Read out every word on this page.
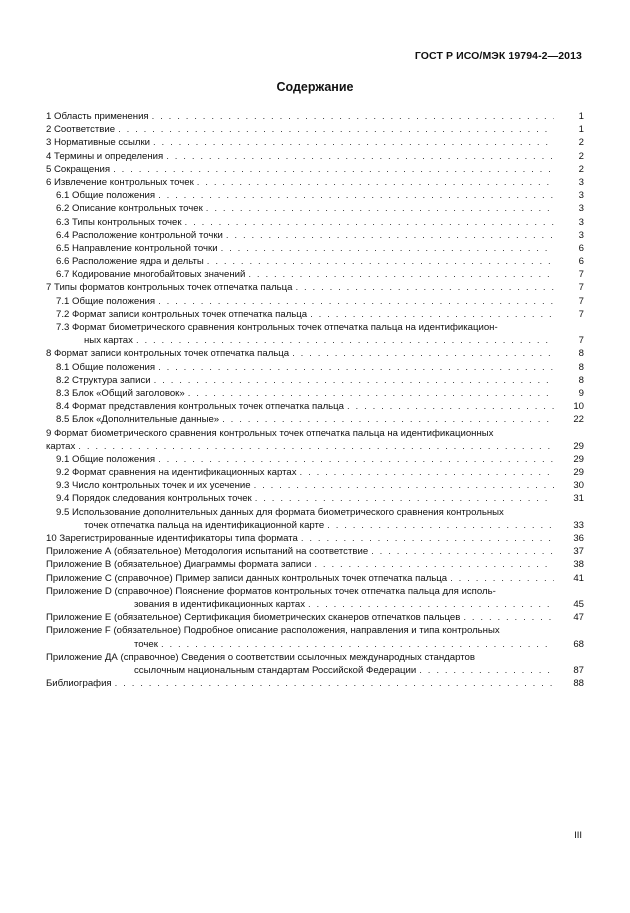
ГОСТ Р ИСО/МЭК 19794-2—2013
Содержание
1 Область применения . . .	1
2 Соответствие . . .	1
3 Нормативные ссылки . . .	2
4 Термины и определения . . .	2
5 Сокращения . . .	2
6 Извлечение контрольных точек . . .	3
6.1 Общие положения . . .	3
6.2 Описание контрольных точек . . .	3
6.3 Типы контрольных точек . . .	3
6.4 Расположение контрольной точки . . .	3
6.5 Направление контрольной точки . . .	6
6.6 Расположение ядра и дельты . . .	6
6.7 Кодирование многобайтовых значений . . .	7
7 Типы форматов контрольных точек отпечатка пальца . . .	7
7.1 Общие положения . . .	7
7.2 Формат записи контрольных точек отпечатка пальца . . .	7
7.3 Формат биометрического сравнения контрольных точек отпечатка пальца на идентификацион-
ных картах . . .	7
8 Формат записи контрольных точек отпечатка пальца . . .	8
8.1 Общие положения . . .	8
8.2 Структура записи . . .	8
8.3 Блок «Общий заголовок» . . .	9
8.4 Формат представления контрольных точек отпечатка пальца . . .	10
8.5 Блок «Дополнительные данные» . . .	22
9 Формат биометрического сравнения контрольных точек отпечатка пальца на идентификационных
картах . . .	29
9.1 Общие положения . . .	29
9.2 Формат сравнения на идентификационных картах . . .	29
9.3 Число контрольных точек и их усечение . . .	30
9.4 Порядок следования контрольных точек . . .	31
9.5 Использование дополнительных данных для формата биометрического сравнения контрольных
точек отпечатка пальца на идентификационной карте . . .	33
10 Зарегистрированные идентификаторы типа формата . . .	36
Приложение А (обязательное) Методология испытаний на соответствие . . .	37
Приложение В (обязательное) Диаграммы формата записи . . .	38
Приложение С (справочное) Пример записи данных контрольных точек отпечатка пальца . . .	41
Приложение D (справочное) Пояснение форматов контрольных точек отпечатка пальца для исполь-
зования в идентификационных картах . . .	45
Приложение Е (обязательное) Сертификация биометрических сканеров отпечатков пальцев . . .	47
Приложение F (обязательное) Подробное описание расположения, направления и типа контрольных
точек . . .	68
Приложение ДА (справочное) Сведения о соответствии ссылочных международных стандартов
ссылочным национальным стандартам Российской Федерации . . .	87
Библиография . . .	88
III
